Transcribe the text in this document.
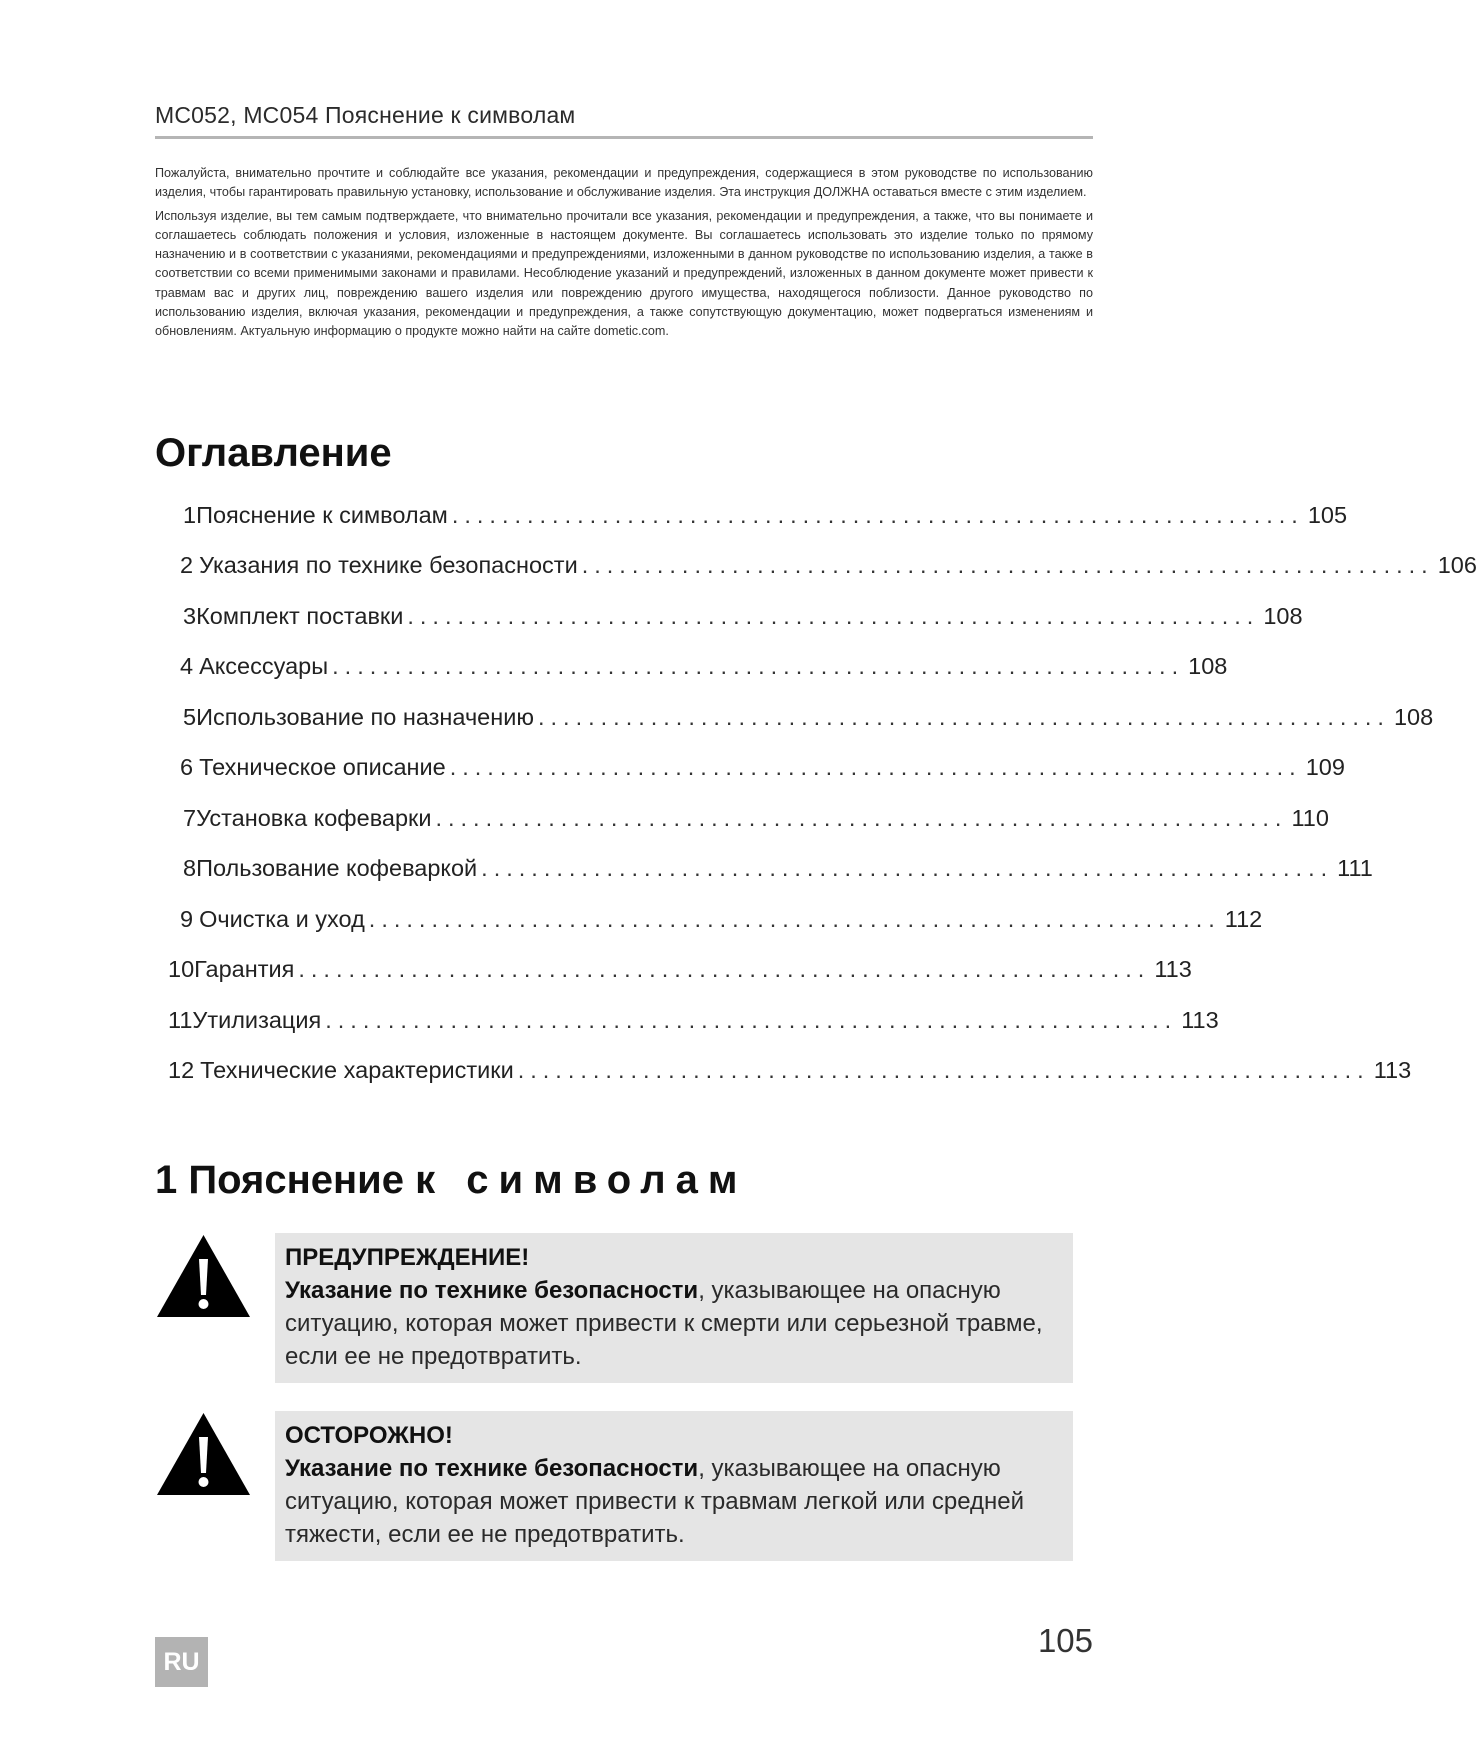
MC052, MC054 Пояснение к символам

Пожалуйста, внимательно прочтите и соблюдайте все указания, рекомендации и предупреждения, содержащиеся в этом руководстве по использованию изделия, чтобы гарантировать правильную установку, использование и обслуживание изделия. Эта инструкция ДОЛЖНА оставаться вместе с этим изделием.

Используя изделие, вы тем самым подтверждаете, что внимательно прочитали все указания, рекомендации и предупреждения, а также, что вы понимаете и соглашаетесь соблюдать положения и условия, изложенные в настоящем документе. Вы соглашаетесь использовать это изделие только по прямому назначению и в соответствии с указаниями, рекомендациями и предупреждениями, изложенными в данном руководстве по использованию изделия, а также в соответствии со всеми применимыми законами и правилами. Несоблюдение указаний и предупреждений, изложенных в данном документе может привести к травмам вас и других лиц, повреждению вашего изделия или повреждению другого имущества, находящегося поблизости. Данное руководство по использованию изделия, включая указания, рекомендации и предупреждения, а также сопутствующую документацию, может подвергаться изменениям и обновлениям. Актуальную информацию о продукте можно найти на сайте dometic.com.

Оглавление
1 Пояснение к символам .................................................................... 105
2 Указания по технике безопасности .................................................................... 106
3 Комплект поставки .................................................................... 108
4 Аксессуары .................................................................... 108
5 Использование по назначению .................................................................... 108
6 Техническое описание .................................................................... 109
7 Установка кофеварки .................................................................... 110
8 Пользование кофеваркой .................................................................... 111
9 Очистка и уход .................................................................... 112
10 Гарантия .................................................................... 113
11 Утилизация .................................................................... 113
12 Технические характеристики .................................................................... 113
1 Пояснение к символам
ПРЕДУПРЕЖДЕНИЕ!
Указание по технике безопасности, указывающее на опасную ситуацию, которая может привести к смерти или серьезной травме, если ее не предотвратить.
ОСТОРОЖНО!
Указание по технике безопасности, указывающее на опасную ситуацию, которая может привести к травмам легкой или средней тяжести, если ее не предотвратить.
RU
105
